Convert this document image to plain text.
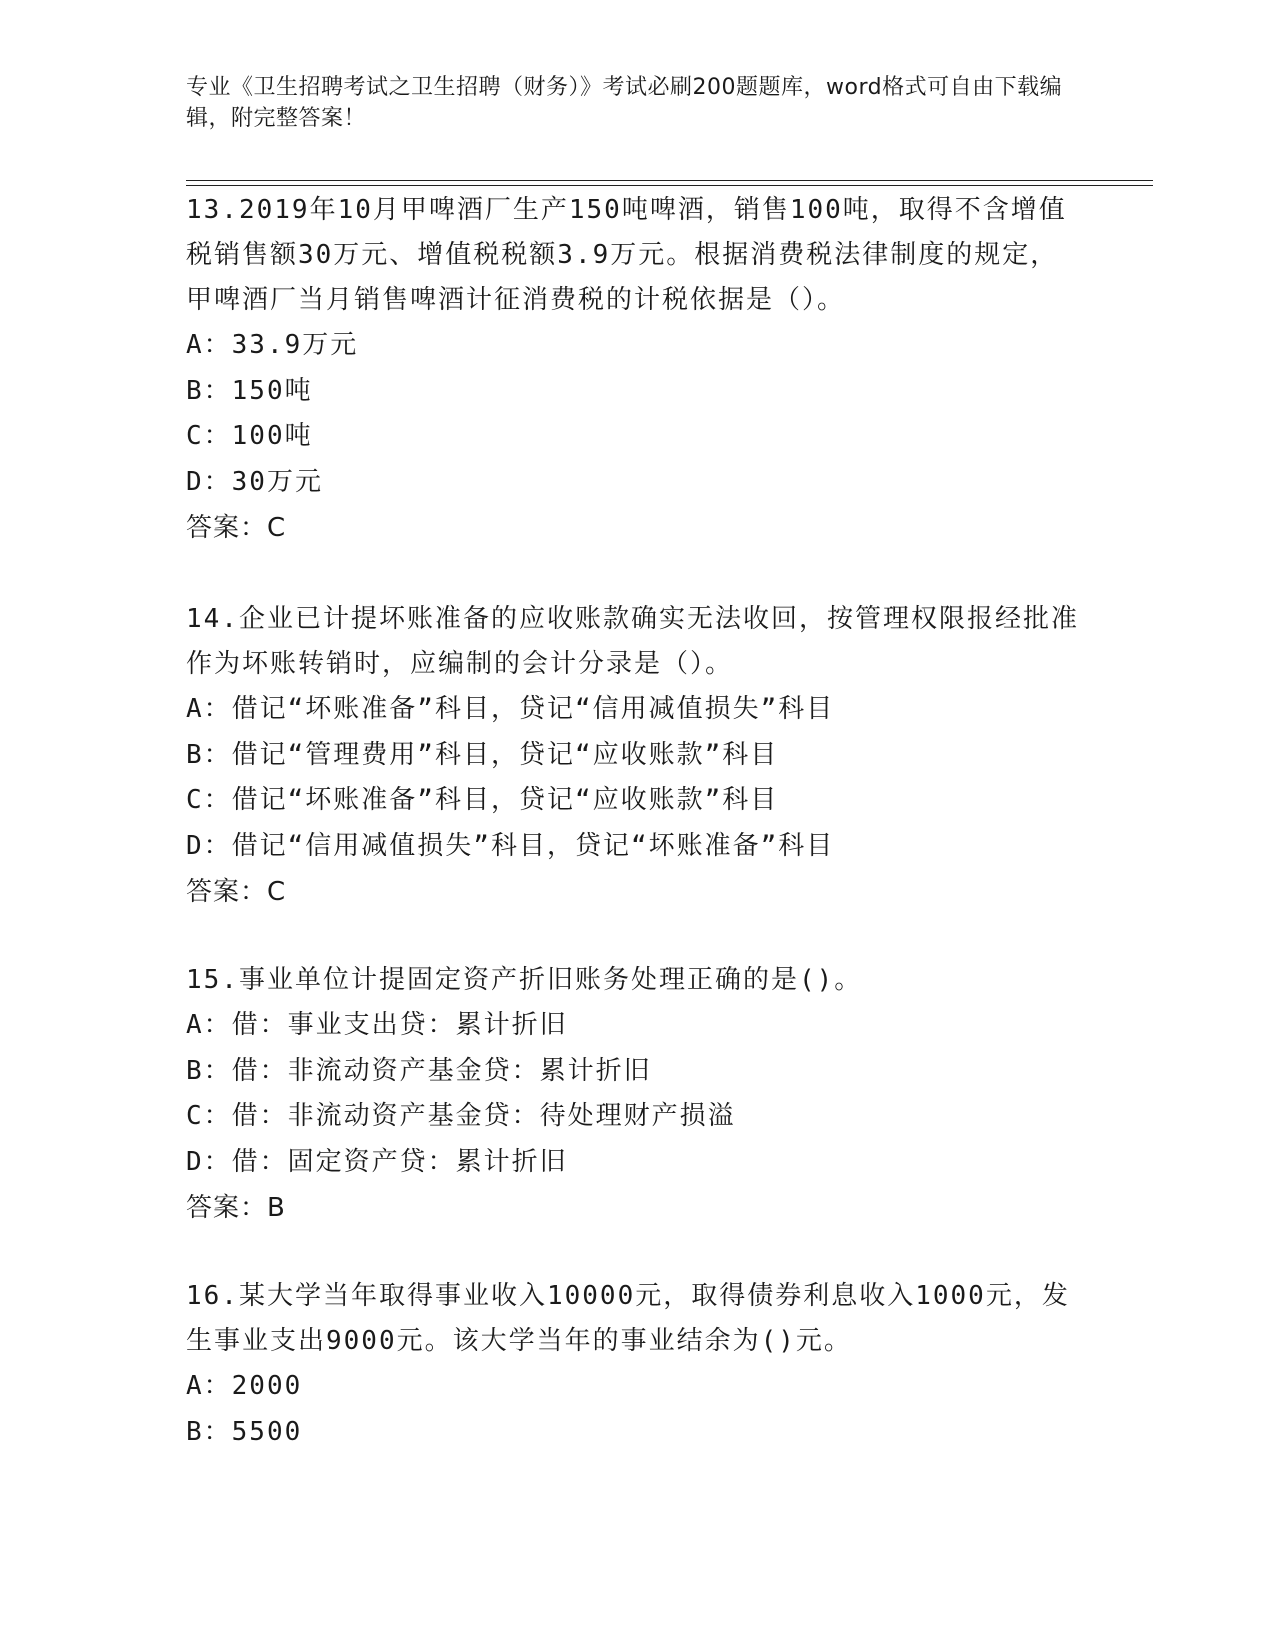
专业《卫生招聘考试之卫生招聘（财务）》考试必刷200题题库，word格式可自由下载编辑，附完整答案！

13.2019年10月甲啤酒厂生产150吨啤酒，销售100吨，取得不含增值税销售额30万元、增值税税额3.9万元。根据消费税法律制度的规定，甲啤酒厂当月销售啤酒计征消费税的计税依据是（）。

A：33.9万元

B：150吨

C：100吨

D：30万元

答案：C

14.企业已计提坏账准备的应收账款确实无法收回，按管理权限报经批准作为坏账转销时，应编制的会计分录是（）。

A：借记“坏账准备”科目，贷记“信用减值损失”科目

B：借记“管理费用”科目，贷记“应收账款”科目

C：借记“坏账准备”科目，贷记“应收账款”科目

D：借记“信用减值损失”科目，贷记“坏账准备”科目

答案：C

15.事业单位计提固定资产折旧账务处理正确的是()。

A：借：事业支出贷：累计折旧

B：借：非流动资产基金贷：累计折旧

C：借：非流动资产基金贷：待处理财产损溢

D：借：固定资产贷：累计折旧

答案：B

16.某大学当年取得事业收入10000元，取得债券利息收入1000元，发生事业支出9000元。该大学当年的事业结余为()元。

A：2000

B：5500
